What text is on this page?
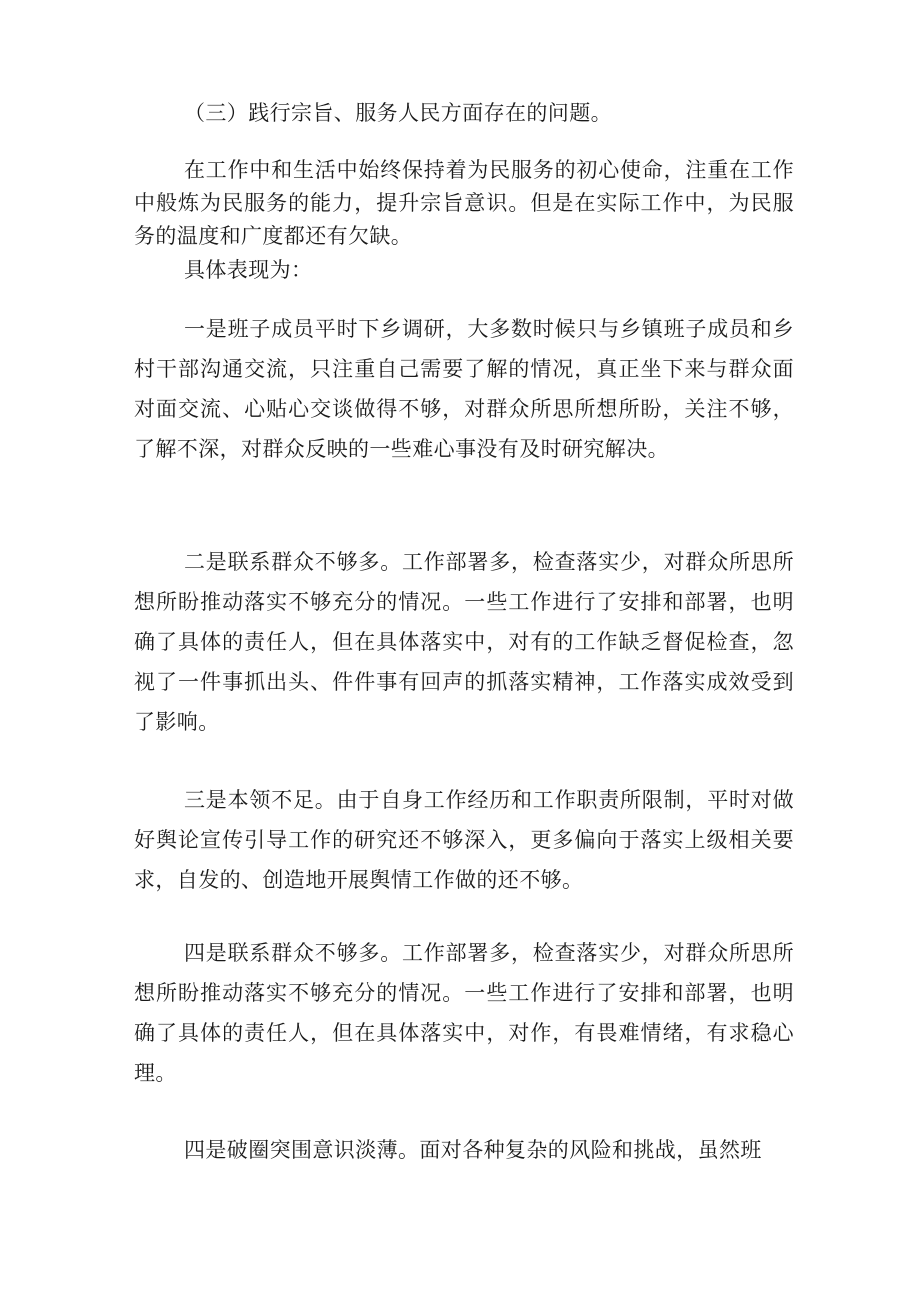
（三）践行宗旨、服务人民方面存在的问题。

在工作中和生活中始终保持着为民服务的初心使命，注重在工作中般炼为民服务的能力，提升宗旨意识。但是在实际工作中，为民服务的温度和广度都还有欠缺。

具体表现为：

一是班子成员平时下乡调研，大多数时候只与乡镇班子成员和乡村干部沟通交流，只注重自己需要了解的情况，真正坐下来与群众面对面交流、心贴心交谈做得不够，对群众所思所想所盼，关注不够，了解不深，对群众反映的一些难心事没有及时研究解决。

二是联系群众不够多。工作部署多，检查落实少，对群众所思所想所盼推动落实不够充分的情况。一些工作进行了安排和部署，也明确了具体的责任人，但在具体落实中，对有的工作缺乏督促检查，忽视了一件事抓出头、件件事有回声的抓落实精神，工作落实成效受到了影响。

三是本领不足。由于自身工作经历和工作职责所限制，平时对做好舆论宣传引导工作的研究还不够深入，更多偏向于落实上级相关要求，自发的、创造地开展舆情工作做的还不够。

四是联系群众不够多。工作部署多，检查落实少，对群众所思所想所盼推动落实不够充分的情况。一些工作进行了安排和部署，也明确了具体的责任人，但在具体落实中，对作，有畏难情绪，有求稳心理。

四是破圈突围意识淡薄。面对各种复杂的风险和挑战，虽然班
